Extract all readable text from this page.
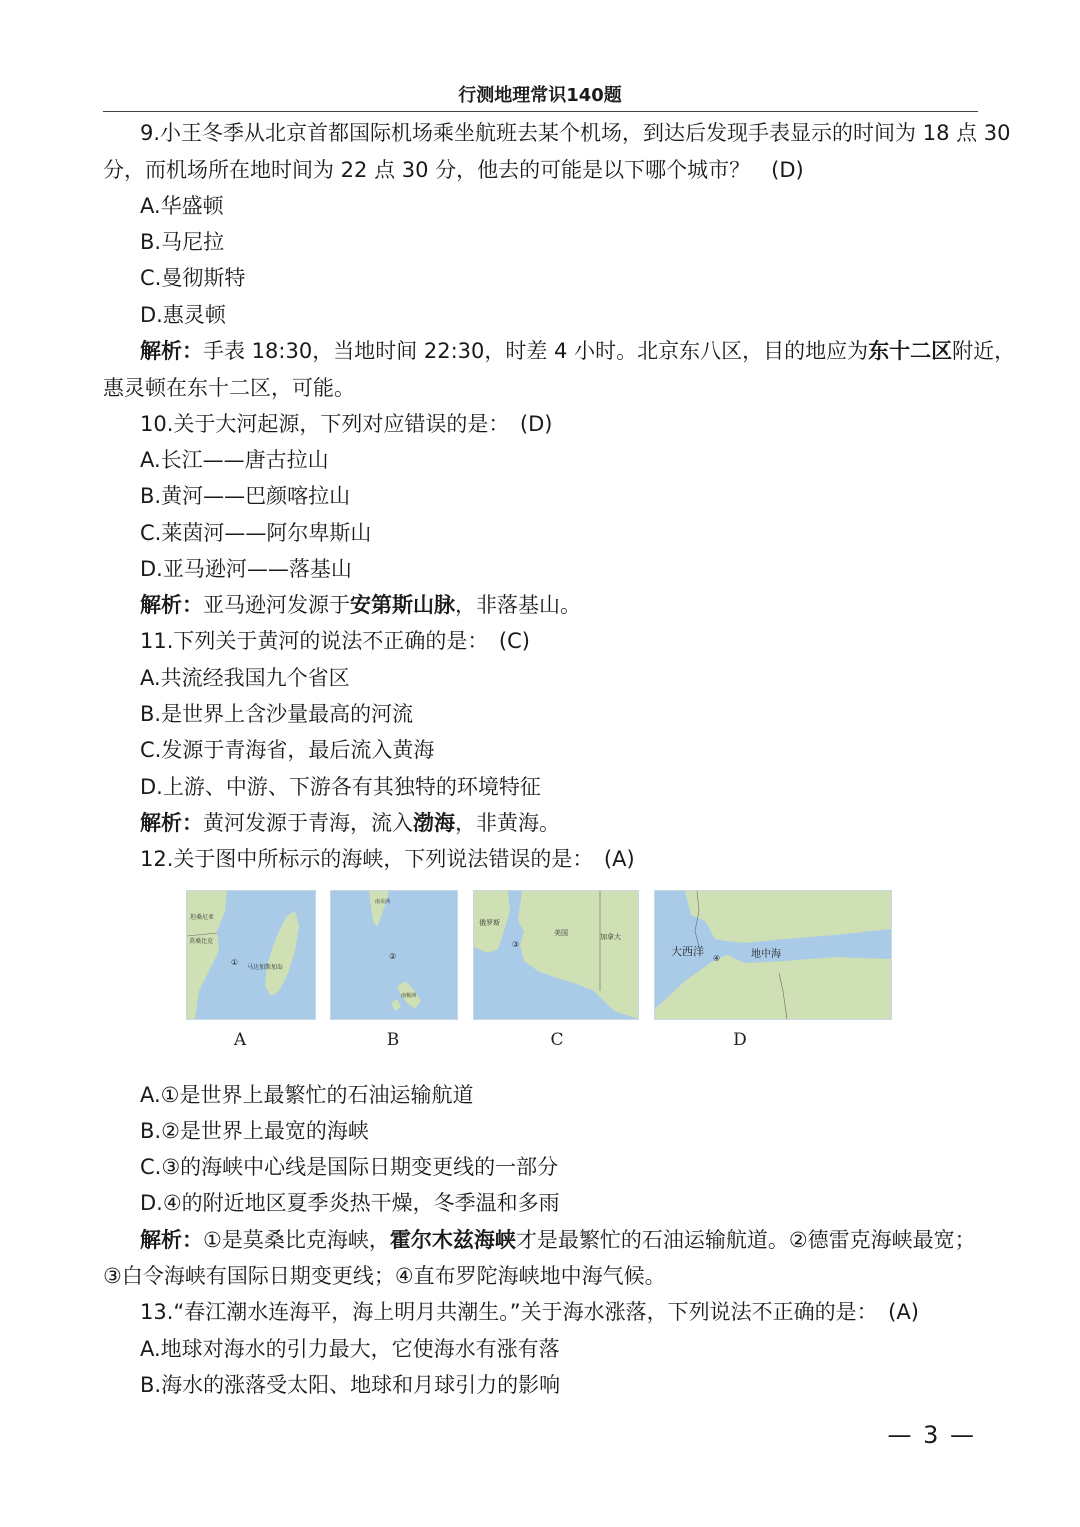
行测地理常识140题
9.小王冬季从北京首都国际机场乘坐航班去某个机场，到达后发现手表显示的时间为 18 点 30
分，而机场所在地时间为 22 点 30 分，他去的可能是以下哪个城市？　(D)
A.华盛顿
B.马尼拉
C.曼彻斯特
D.惠灵顿
解析：手表 18:30，当地时间 22:30，时差 4 小时。北京东八区，目的地应为东十二区附近，
惠灵顿在东十二区，可能。
10.关于大河起源，下列对应错误的是：　(D)
A.长江——唐古拉山
B.黄河——巴颜喀拉山
C.莱茵河——阿尔卑斯山
D.亚马逊河——落基山
解析：亚马逊河发源于安第斯山脉，非落基山。
11.下列关于黄河的说法不正确的是：　(C)
A.共流经我国九个省区
B.是世界上含沙量最高的河流
C.发源于青海省，最后流入黄海
D.上游、中游、下游各有其独特的环境特征
解析：黄河发源于青海，流入渤海，非黄海。
12.关于图中所标示的海峡，下列说法错误的是：　(A)
坦桑尼亚
莫桑比克
①
马达加斯加岛
南美洲
②
南极洲
俄罗斯
③
美国	加拿大
大西洋
④	地中海
A	B	C	D
A.①是世界上最繁忙的石油运输航道
B.②是世界上最宽的海峡
C.③的海峡中心线是国际日期变更线的一部分
D.④的附近地区夏季炎热干燥，冬季温和多雨
解析：①是莫桑比克海峡，霍尔木兹海峡才是最繁忙的石油运输航道。②德雷克海峡最宽；
③白令海峡有国际日期变更线；④直布罗陀海峡地中海气候。
13.“春江潮水连海平，海上明月共潮生。”关于海水涨落，下列说法不正确的是：　(A)
A.地球对海水的引力最大，它使海水有涨有落
B.海水的涨落受太阳、地球和月球引力的影响
— 3 —
